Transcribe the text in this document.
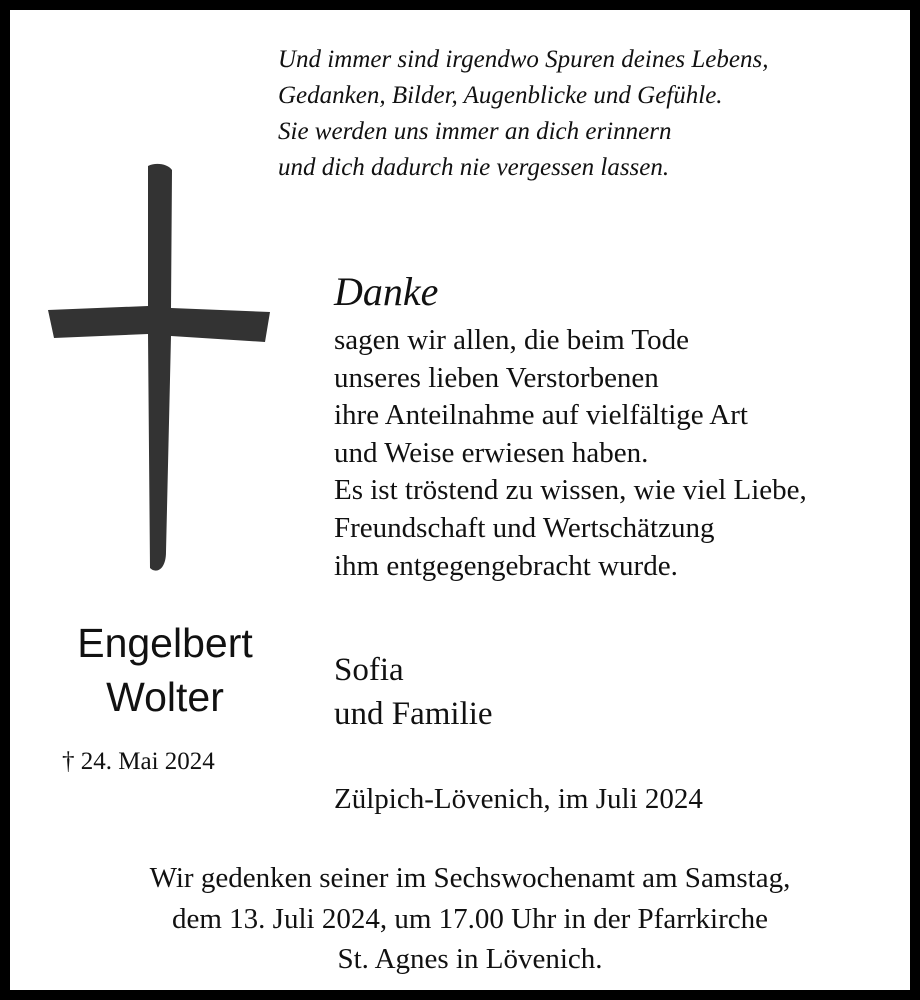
Und immer sind irgendwo Spuren deines Lebens,
Gedanken, Bilder, Augenblicke und Gefühle.
Sie werden uns immer an dich erinnern
und dich dadurch nie vergessen lassen.
Danke
sagen wir allen, die beim Tode
unseres lieben Verstorbenen
ihre Anteilnahme auf vielfältige Art
und Weise erwiesen haben.
Es ist tröstend zu wissen, wie viel Liebe,
Freundschaft und Wertschätzung
ihm entgegengebracht wurde.
Sofia
und Familie
Zülpich-Lövenich, im Juli 2024
Engelbert
Wolter
† 24. Mai 2024
Wir gedenken seiner im Sechswochenamt am Samstag,
dem 13. Juli 2024, um 17.00 Uhr in der Pfarrkirche
St. Agnes in Lövenich.
